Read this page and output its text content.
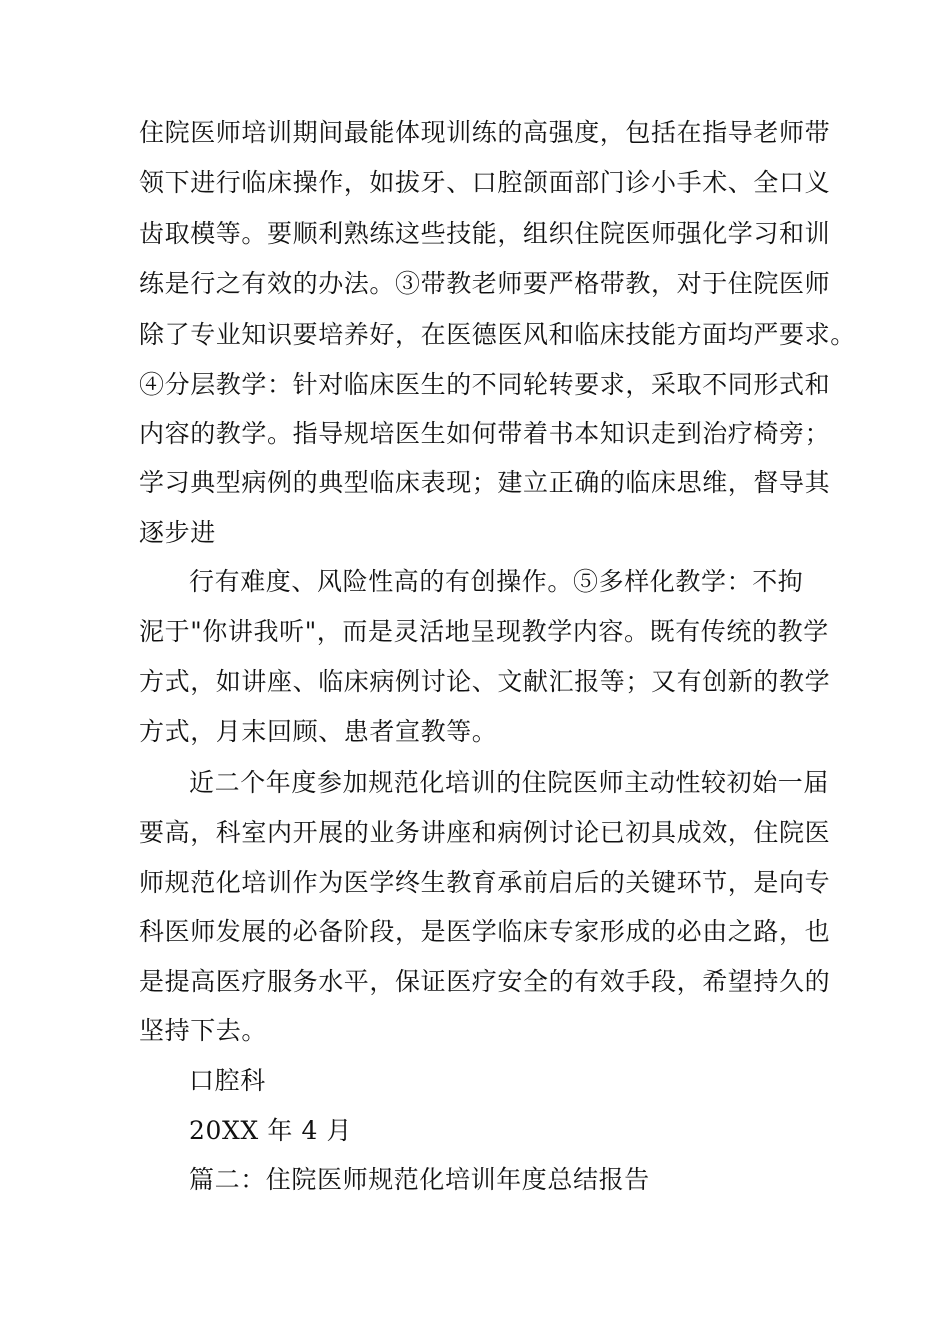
住院医师培训期间最能体现训练的高强度，包括在指导老师带
领下进行临床操作，如拔牙、口腔颌面部门诊小手术、全口义
齿取模等。要顺利熟练这些技能，组织住院医师强化学习和训
练是行之有效的办法。③带教老师要严格带教，对于住院医师
除了专业知识要培养好，在医德医风和临床技能方面均严要求。
④分层教学：针对临床医生的不同轮转要求，采取不同形式和
内容的教学。指导规培医生如何带着书本知识走到治疗椅旁；
学习典型病例的典型临床表现；建立正确的临床思维，督导其
逐步进
行有难度、风险性高的有创操作。⑤多样化教学：不拘
泥于"你讲我听"，而是灵活地呈现教学内容。既有传统的教学
方式，如讲座、临床病例讨论、文献汇报等；又有创新的教学
方式，月末回顾、患者宣教等。
近二个年度参加规范化培训的住院医师主动性较初始一届
要高，科室内开展的业务讲座和病例讨论已初具成效，住院医
师规范化培训作为医学终生教育承前启后的关键环节，是向专
科医师发展的必备阶段，是医学临床专家形成的必由之路，也
是提高医疗服务水平，保证医疗安全的有效手段，希望持久的
坚持下去。
口腔科
20XX 年 4 月
篇二：住院医师规范化培训年度总结报告
